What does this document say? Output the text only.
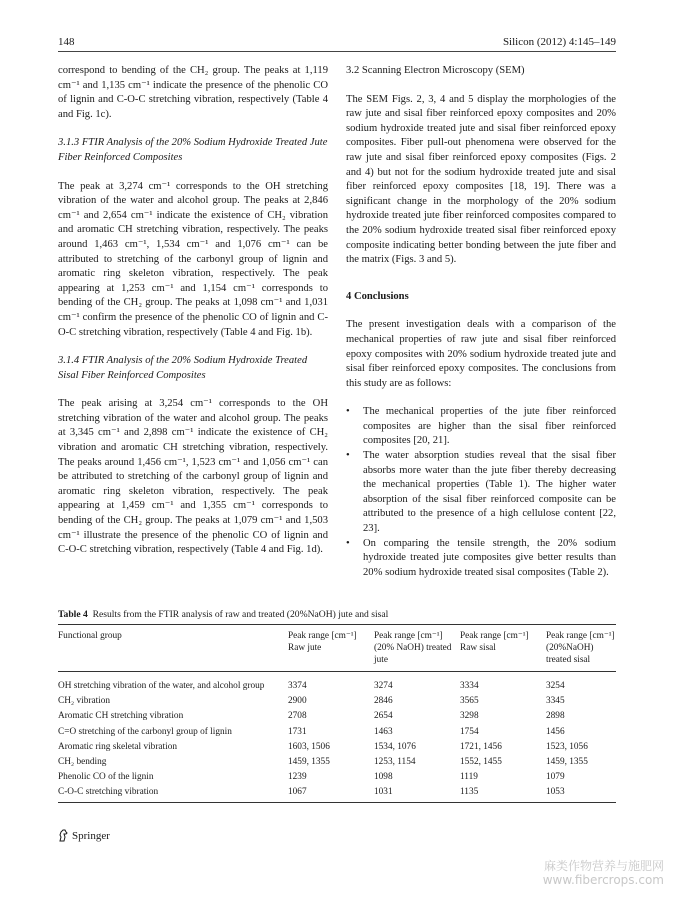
148	Silicon (2012) 4:145–149

correspond to bending of the CH₂ group. The peaks at 1,119 cm⁻¹ and 1,135 cm⁻¹ indicate the presence of the phenolic CO of lignin and C-O-C stretching vibration, respectively (Table 4 and Fig. 1c).

3.1.3 FTIR Analysis of the 20% Sodium Hydroxide Treated Jute Fiber Reinforced Composites

The peak at 3,274 cm⁻¹ corresponds to the OH stretching vibration of the water and alcohol group. The peaks at 2,846 cm⁻¹ and 2,654 cm⁻¹ indicate the existence of CH₂ vibration and aromatic CH stretching vibration, respectively. The peaks around 1,463 cm⁻¹, 1,534 cm⁻¹ and 1,076 cm⁻¹ can be attributed to stretching of the carbonyl group of lignin and aromatic ring skeleton vibration, respectively. The peak appearing at 1,253 cm⁻¹ and 1,154 cm⁻¹ corresponds to bending of the CH₂ group. The peaks at 1,098 cm⁻¹ and 1,031 cm⁻¹ confirm the presence of the phenolic CO of lignin and C-O-C stretching vibration, respectively (Table 4 and Fig. 1b).

3.1.4 FTIR Analysis of the 20% Sodium Hydroxide Treated Sisal Fiber Reinforced Composites

The peak arising at 3,254 cm⁻¹ corresponds to the OH stretching vibration of the water and alcohol group. The peaks at 3,345 cm⁻¹ and 2,898 cm⁻¹ indicate the existence of CH₂ vibration and aromatic CH stretching vibration, respectively. The peaks around 1,456 cm⁻¹, 1,523 cm⁻¹ and 1,056 cm⁻¹ can be attributed to stretching of the carbonyl group of lignin and aromatic ring skeleton vibration, respectively. The peak appearing at 1,459 cm⁻¹ and 1,355 cm⁻¹ corresponds to bending of the CH₂ group. The peaks at 1,079 cm⁻¹ and 1,503 cm⁻¹ illustrate the presence of the phenolic CO of lignin and C-O-C stretching vibration, respectively (Table 4 and Fig. 1d).

3.2 Scanning Electron Microscopy (SEM)

The SEM Figs. 2, 3, 4 and 5 display the morphologies of the raw jute and sisal fiber reinforced epoxy composites and 20% sodium hydroxide treated jute and sisal fiber reinforced epoxy composites. Fiber pull-out phenomena were observed for the raw jute and sisal fiber reinforced epoxy composites (Figs. 2 and 4) but not for the sodium hydroxide treated jute and sisal fiber reinforced epoxy composites [18, 19]. There was a significant change in the morphology of the 20% sodium hydroxide treated jute fiber reinforced composites compared to the 20% sodium hydroxide treated sisal fiber reinforced epoxy composite indicating better bonding between the jute fiber and the matrix (Figs. 3 and 5).

4 Conclusions

The present investigation deals with a comparison of the mechanical properties of raw jute and sisal fiber reinforced epoxy composites with 20% sodium hydroxide treated jute and sisal fiber reinforced epoxy composites. The conclusions from this study are as follows:

• The mechanical properties of the jute fiber reinforced composites are higher than the sisal fiber reinforced composites [20, 21].
• The water absorption studies reveal that the sisal fiber absorbs more water than the jute fiber thereby decreasing the mechanical properties (Table 1). The higher water absorption of the sisal fiber reinforced composite can be attributed to the presence of a high cellulose content [22, 23].
• On comparing the tensile strength, the 20% sodium hydroxide treated jute composites give better results than 20% sodium hydroxide treated sisal composites (Table 2).
Table 4 Results from the FTIR analysis of raw and treated (20%NaOH) jute and sisal
Functional group	Peak range [cm⁻¹] Raw jute	Peak range [cm⁻¹] (20% NaOH) treated jute	Peak range [cm⁻¹] Raw sisal	Peak range [cm⁻¹] (20%NaOH) treated sisal
OH stretching vibration of the water, and alcohol group	3374	3274	3334	3254
CH₂ vibration	2900	2846	3565	3345
Aromatic CH stretching vibration	2708	2654	3298	2898
C=O stretching of the carbonyl group of lignin	1731	1463	1754	1456
Aromatic ring skeletal vibration	1603, 1506	1534, 1076	1721, 1456	1523, 1056
CH₂ bending	1459, 1355	1253, 1154	1552, 1455	1459, 1355
Phenolic CO of the lignin	1239	1098	1119	1079
C-O-C stretching vibration	1067	1031	1135	1053
Springer
麻类作物营养与施肥网
www.fibercrops.com
